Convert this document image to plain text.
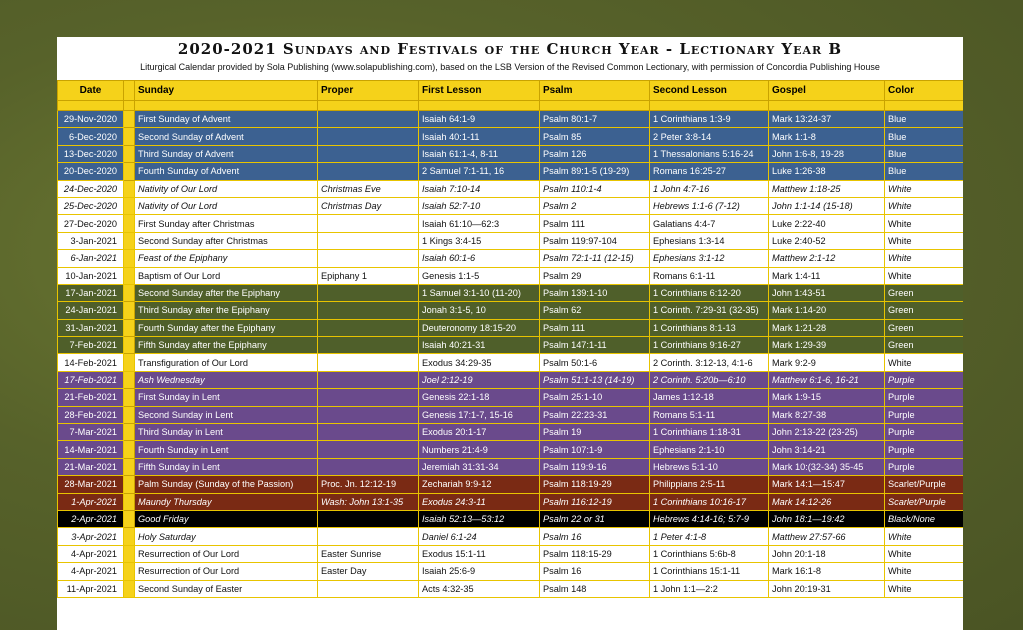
2020-2021 Sundays and Festivals of the Church Year - Lectionary Year B
Liturgical Calendar provided by Sola Publishing (www.solapublishing.com), based on the LSB Version of the Revised Common Lectionary, with permission of Concordia Publishing House
Date		Sunday	Proper	First Lesson	Psalm	Second Lesson	Gospel	Color

29-Nov-2020		First Sunday of Advent		Isaiah 64:1-9	Psalm 80:1-7	1 Corinthians 1:3-9	Mark 13:24-37	Blue
6-Dec-2020		Second Sunday of Advent		Isaiah 40:1-11	Psalm 85	2 Peter 3:8-14	Mark 1:1-8	Blue
13-Dec-2020		Third Sunday of Advent		Isaiah 61:1-4, 8-11	Psalm 126	1 Thessalonians 5:16-24	John 1:6-8, 19-28	Blue
20-Dec-2020		Fourth Sunday of Advent		2 Samuel 7:1-11, 16	Psalm 89:1-5 (19-29)	Romans 16:25-27	Luke 1:26-38	Blue
24-Dec-2020		Nativity of Our Lord	Christmas Eve	Isaiah 7:10-14	Psalm 110:1-4	1 John 4:7-16	Matthew 1:18-25	White
25-Dec-2020		Nativity of Our Lord	Christmas Day	Isaiah 52:7-10	Psalm 2	Hebrews 1:1-6 (7-12)	John 1:1-14 (15-18)	White
27-Dec-2020		First Sunday after Christmas		Isaiah 61:10—62:3	Psalm 111	Galatians 4:4-7	Luke 2:22-40	White
3-Jan-2021		Second Sunday after Christmas		1 Kings 3:4-15	Psalm 119:97-104	Ephesians 1:3-14	Luke 2:40-52	White
6-Jan-2021		Feast of the Epiphany		Isaiah 60:1-6	Psalm 72:1-11 (12-15)	Ephesians 3:1-12	Matthew 2:1-12	White
10-Jan-2021		Baptism of Our Lord	Epiphany 1	Genesis 1:1-5	Psalm 29	Romans 6:1-11	Mark 1:4-11	White
17-Jan-2021		Second Sunday after the Epiphany		1 Samuel 3:1-10 (11-20)	Psalm 139:1-10	1 Corinthians 6:12-20	John 1:43-51	Green
24-Jan-2021		Third Sunday after the Epiphany		Jonah 3:1-5, 10	Psalm 62	1 Corinth. 7:29-31 (32-35)	Mark 1:14-20	Green
31-Jan-2021		Fourth Sunday after the Epiphany		Deuteronomy 18:15-20	Psalm 111	1 Corinthians 8:1-13	Mark 1:21-28	Green
7-Feb-2021		Fifth Sunday after the Epiphany		Isaiah 40:21-31	Psalm 147:1-11	1 Corinthians 9:16-27	Mark 1:29-39	Green
14-Feb-2021		Transfiguration of Our Lord		Exodus 34:29-35	Psalm 50:1-6	2 Corinth. 3:12-13, 4:1-6	Mark 9:2-9	White
17-Feb-2021		Ash Wednesday		Joel 2:12-19	Psalm 51:1-13 (14-19)	2 Corinth. 5:20b—6:10	Matthew 6:1-6, 16-21	Purple
21-Feb-2021		First Sunday in Lent		Genesis 22:1-18	Psalm 25:1-10	James 1:12-18	Mark 1:9-15	Purple
28-Feb-2021		Second Sunday in Lent		Genesis 17:1-7, 15-16	Psalm 22:23-31	Romans 5:1-11	Mark 8:27-38	Purple
7-Mar-2021		Third Sunday in Lent		Exodus 20:1-17	Psalm 19	1 Corinthians 1:18-31	John 2:13-22 (23-25)	Purple
14-Mar-2021		Fourth Sunday in Lent		Numbers 21:4-9	Psalm 107:1-9	Ephesians 2:1-10	John 3:14-21	Purple
21-Mar-2021		Fifth Sunday in Lent		Jeremiah 31:31-34	Psalm 119:9-16	Hebrews 5:1-10	Mark 10:(32-34) 35-45	Purple
28-Mar-2021		Palm Sunday (Sunday of the Passion)	Proc. Jn. 12:12-19	Zechariah 9:9-12	Psalm 118:19-29	Philippians 2:5-11	Mark 14:1—15:47	Scarlet/Purple
1-Apr-2021		Maundy Thursday	Wash: John 13:1-35	Exodus 24:3-11	Psalm 116:12-19	1 Corinthians 10:16-17	Mark 14:12-26	Scarlet/Purple
2-Apr-2021		Good Friday		Isaiah 52:13—53:12	Psalm 22 or 31	Hebrews 4:14-16; 5:7-9	John 18:1—19:42	Black/None
3-Apr-2021		Holy Saturday		Daniel 6:1-24	Psalm 16	1 Peter 4:1-8	Matthew 27:57-66	White
4-Apr-2021		Resurrection of Our Lord	Easter Sunrise	Exodus 15:1-11	Psalm 118:15-29	1 Corinthians 5:6b-8	John 20:1-18	White
4-Apr-2021		Resurrection of Our Lord	Easter Day	Isaiah 25:6-9	Psalm 16	1 Corinthians 15:1-11	Mark 16:1-8	White
11-Apr-2021		Second Sunday of Easter		Acts 4:32-35	Psalm 148	1 John 1:1—2:2	John 20:19-31	White
